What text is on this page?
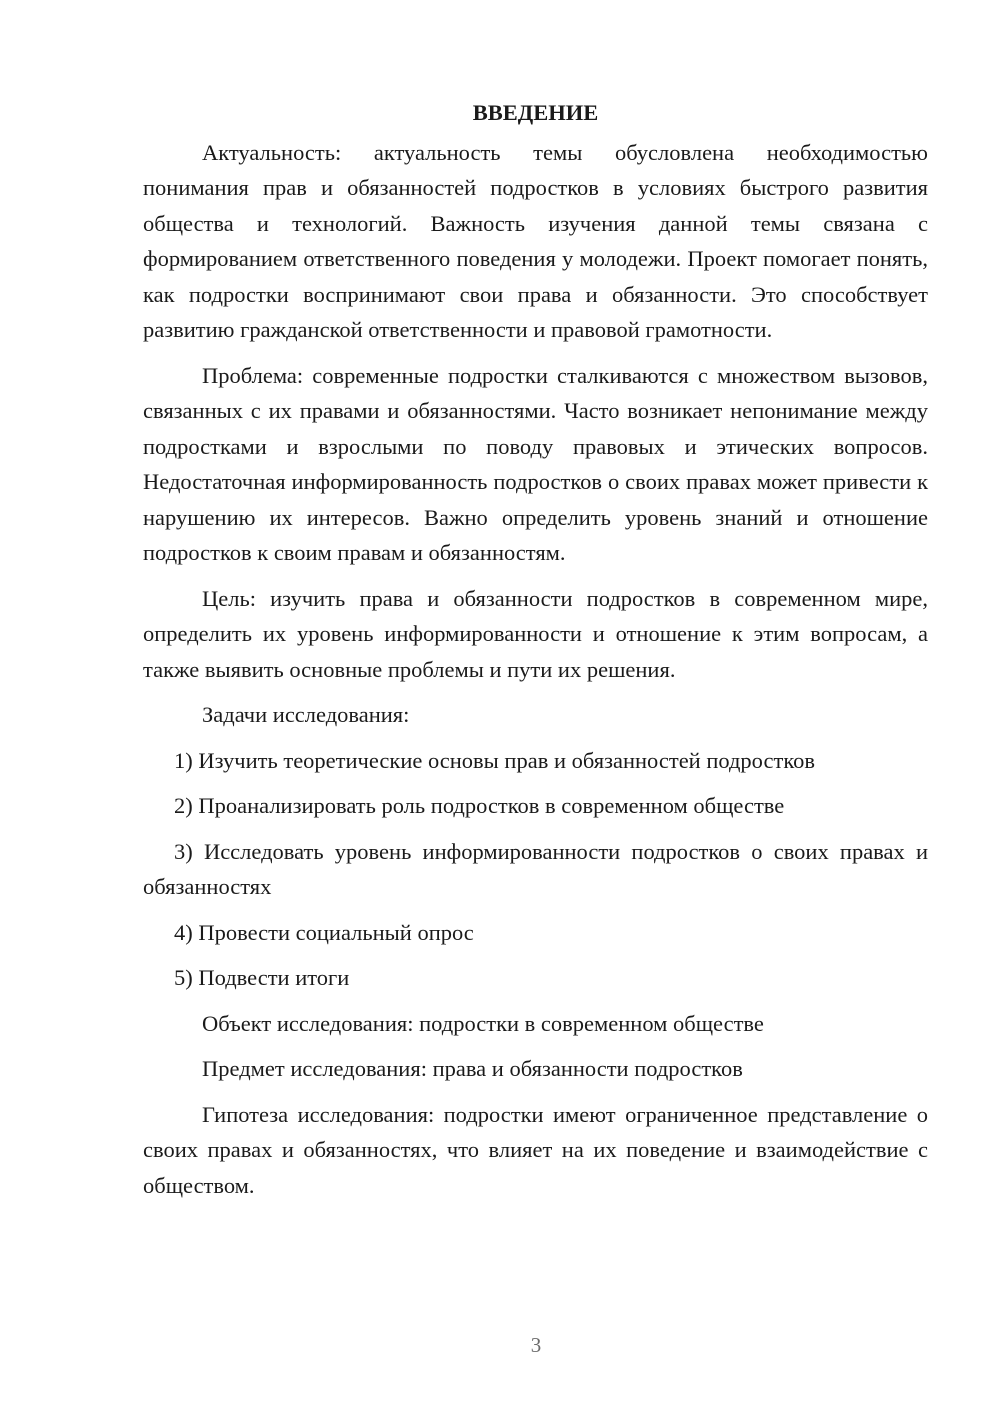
ВВЕДЕНИЕ

Актуальность: актуальность темы обусловлена необходимостью понимания прав и обязанностей подростков в условиях быстрого развития общества и технологий. Важность изучения данной темы связана с формированием ответственного поведения у молодежи. Проект помогает понять, как подростки воспринимают свои права и обязанности. Это способствует развитию гражданской ответственности и правовой грамотности.

Проблема: современные подростки сталкиваются с множеством вызовов, связанных с их правами и обязанностями. Часто возникает непонимание между подростками и взрослыми по поводу правовых и этических вопросов. Недостаточная информированность подростков о своих правах может привести к нарушению их интересов. Важно определить уровень знаний и отношение подростков к своим правам и обязанностям.

Цель: изучить права и обязанности подростков в современном мире, определить их уровень информированности и отношение к этим вопросам, а также выявить основные проблемы и пути их решения.

Задачи исследования:

1) Изучить теоретические основы прав и обязанностей подростков

2) Проанализировать роль подростков в современном обществе

3) Исследовать уровень информированности подростков о своих правах и обязанностях

4) Провести социальный опрос

5) Подвести итоги

Объект исследования: подростки в современном обществе

Предмет исследования: права и обязанности подростков

Гипотеза исследования: подростки имеют ограниченное представление о своих правах и обязанностях, что влияет на их поведение и взаимодействие с обществом.

3
